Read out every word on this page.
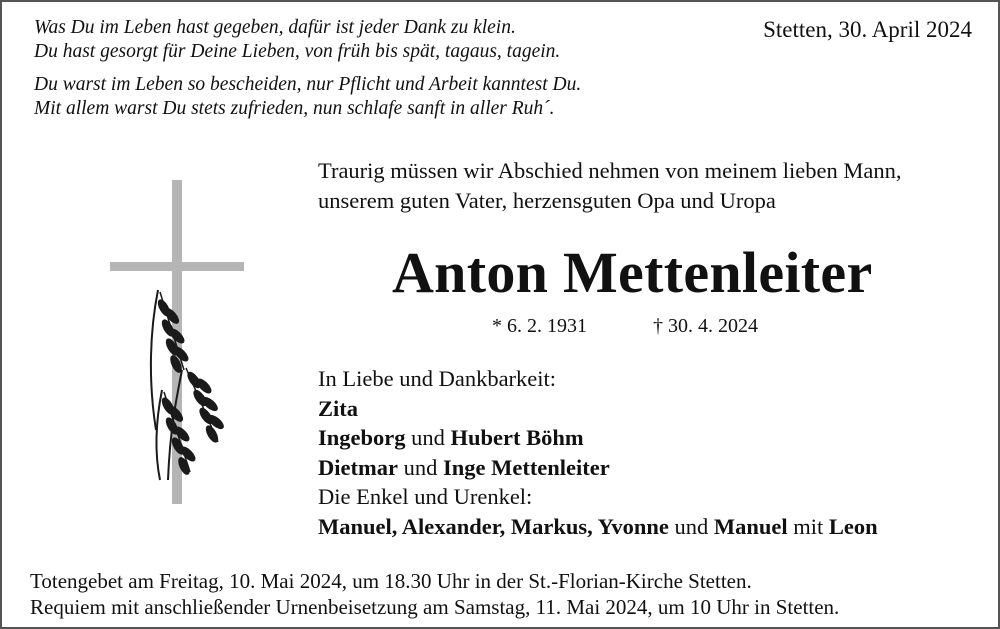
Was Du im Leben hast gegeben, dafür ist jeder Dank zu klein.
Du hast gesorgt für Deine Lieben, von früh bis spät, tagaus, tagein.
Du warst im Leben so bescheiden, nur Pflicht und Arbeit kanntest Du.
Mit allem warst Du stets zufrieden, nun schlafe sanft in aller Ruh´.
Stetten, 30. April 2024
Traurig müssen wir Abschied nehmen von meinem lieben Mann,
unserem guten Vater, herzensguten Opa und Uropa
Anton Mettenleiter
* 6. 2. 1931	† 30. 4. 2024
In Liebe und Dankbarkeit:
Zita
Ingeborg und Hubert Böhm
Dietmar und Inge Mettenleiter
Die Enkel und Urenkel:
Manuel, Alexander, Markus, Yvonne und Manuel mit Leon
Totengebet am Freitag, 10. Mai 2024, um 18.30 Uhr in der St.-Florian-Kirche Stetten.
Requiem mit anschließender Urnenbeisetzung am Samstag, 11. Mai 2024, um 10 Uhr in Stetten.
